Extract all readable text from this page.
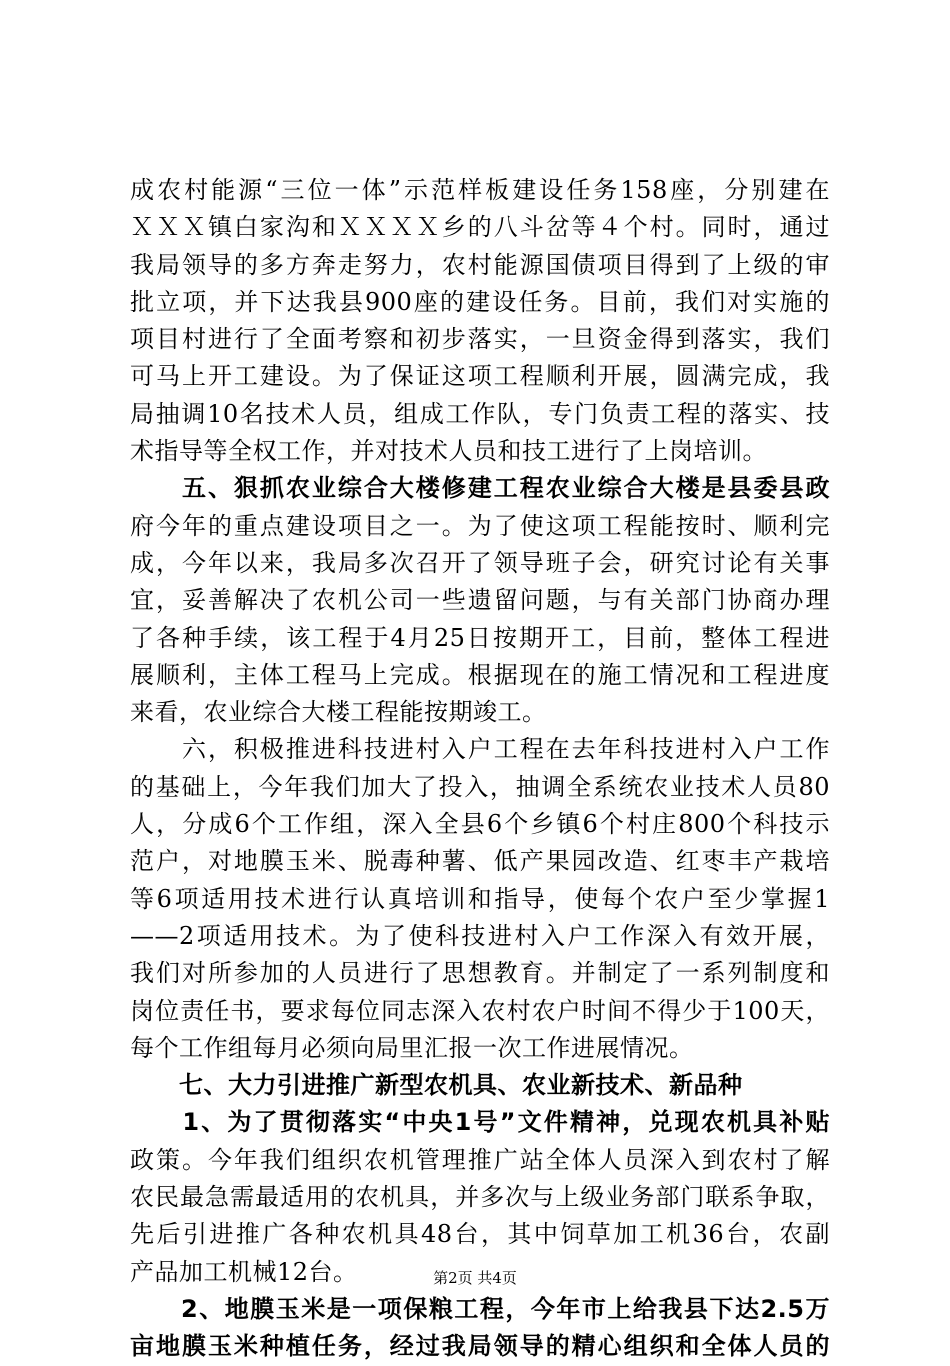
成农村能源“三位一体”示范样板建设任务158座，分别建在
ＸＸＸ镇白家沟和ＸＸＸＸ乡的八斗岔等４个村。同时，通过
我局领导的多方奔走努力，农村能源国债项目得到了上级的审
批立项，并下达我县900座的建设任务。目前，我们对实施的
项目村进行了全面考察和初步落实，一旦资金得到落实，我们
可马上开工建设。为了保证这项工程顺利开展，圆满完成，我
局抽调10名技术人员，组成工作队，专门负责工程的落实、技
术指导等全权工作，并对技术人员和技工进行了上岗培训。
　　五、狠抓农业综合大楼修建工程农业综合大楼是县委县政
府今年的重点建设项目之一。为了使这项工程能按时、顺利完
成，今年以来，我局多次召开了领导班子会，研究讨论有关事
宜，妥善解决了农机公司一些遗留问题，与有关部门协商办理
了各种手续，该工程于4月25日按期开工，目前，整体工程进
展顺利，主体工程马上完成。根据现在的施工情况和工程进度
来看，农业综合大楼工程能按期竣工。
　　六，积极推进科技进村入户工程在去年科技进村入户工作
的基础上，今年我们加大了投入，抽调全系统农业技术人员80
人，分成6个工作组，深入全县6个乡镇6个村庄800个科技示
范户，对地膜玉米、脱毒种薯、低产果园改造、红枣丰产栽培
等6项适用技术进行认真培训和指导，使每个农户至少掌握1
——2项适用技术。为了使科技进村入户工作深入有效开展，
我们对所参加的人员进行了思想教育。并制定了一系列制度和
岗位责任书，要求每位同志深入农村农户时间不得少于100天，
每个工作组每月必须向局里汇报一次工作进展情况。
　　七、大力引进推广新型农机具、农业新技术、新品种
　　1、为了贯彻落实“中央1号”文件精神，兑现农机具补贴
政策。今年我们组织农机管理推广站全体人员深入到农村了解
农民最急需最适用的农机具，并多次与上级业务部门联系争取，
先后引进推广各种农机具48台，其中饲草加工机36台，农副
产品加工机械12台。
　　2、地膜玉米是一项保粮工程，今年市上给我县下达2.5万
亩地膜玉米种植任务，经过我局领导的精心组织和全体人员的
第2页 共4页
